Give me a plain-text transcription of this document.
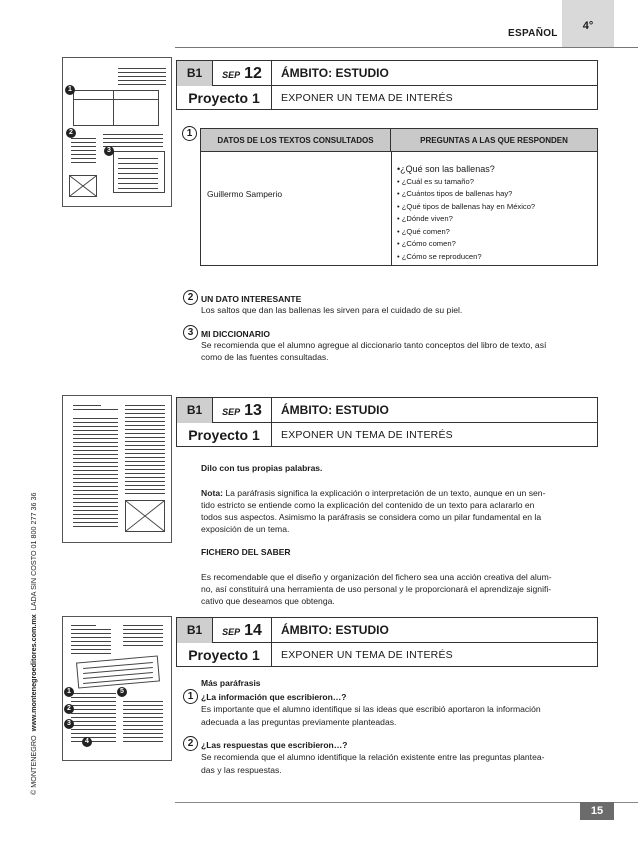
ESPAÑOL
4°
© MONTENEGRO  www.montenegroeditores.com.mx  LADA SIN COSTO 01 800 277 36 36
1
2
3
B1	SEP 12	ÁMBITO: ESTUDIO
Proyecto 1	EXPONER UN TEMA DE INTERÉS
1
DATOS DE LOS TEXTOS CONSULTADOS	PREGUNTAS A LAS QUE RESPONDEN
Guillermo Samperio
•¿Qué son las ballenas?
• ¿Cuál es su tamaño?
• ¿Cuántos tipos de ballenas hay?
• ¿Qué tipos de ballenas hay en México?
• ¿Dónde viven?
• ¿Qué comen?
• ¿Cómo comen?
• ¿Cómo se reproducen?
2 UN DATO INTERESANTE
Los saltos que dan las ballenas les sirven para el cuidado de su piel.
3 MI DICCIONARIO
Se recomienda que el alumno agregue al diccionario tanto conceptos del libro de texto, así
como de las fuentes consultadas.
B1	SEP 13	ÁMBITO: ESTUDIO
Proyecto 1	EXPONER UN TEMA DE INTERÉS
Dilo con tus propias palabras.
Nota: La paráfrasis significa la explicación o interpretación de un texto, aunque en un sen-
tido estricto se entiende como la explicación del contenido de un texto para aclararlo en
todos sus aspectos. Asimismo la paráfrasis se considera como un pilar fundamental en la
exposición de un tema.
FICHERO DEL SABER
Es recomendable que el diseño y organización del fichero sea una acción creativa del alum-
no, así constituirá una herramienta de uso personal y le proporcionará el aprendizaje signifi-
cativo que deseamos que obtenga.
1	5
2
3
4
B1	SEP 14	ÁMBITO: ESTUDIO
Proyecto 1	EXPONER UN TEMA DE INTERÉS
Más paráfrasis
1 ¿La información que escribieron…?
Es importante que el alumno identifique si las ideas que escribió aportaron la información
adecuada a las preguntas previamente planteadas.
2 ¿Las respuestas que escribieron…?
Se recomienda que el alumno identifique la relación existente entre las preguntas plantea-
das y las respuestas.
15
